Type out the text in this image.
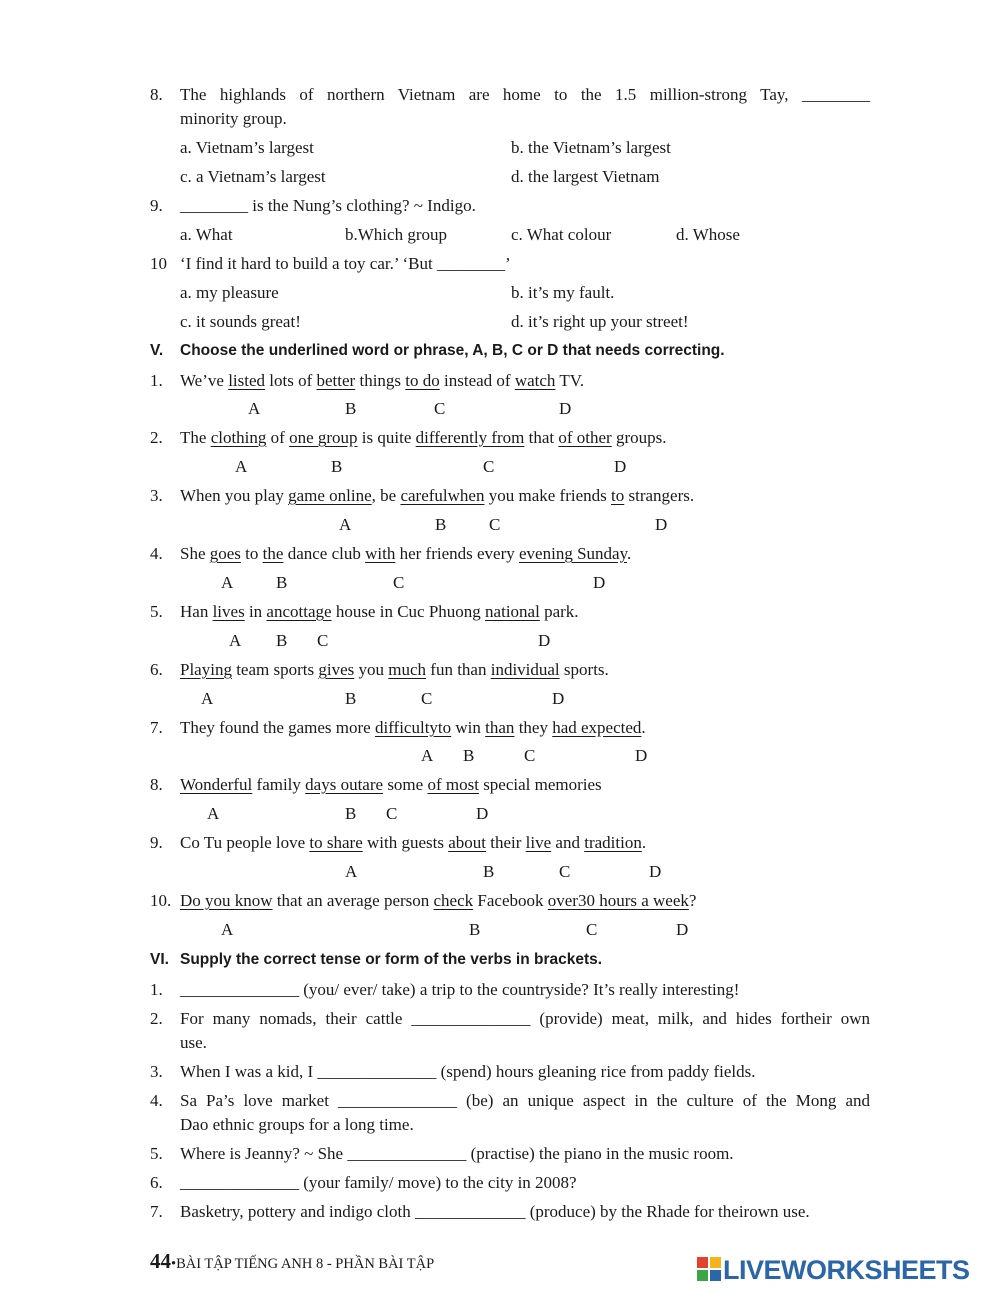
8. The highlands of northern Vietnam are home to the 1.5 million-strong Tay, ________
minority group.
a. Vietnam’s largest	b. the Vietnam’s largest
c. a Vietnam’s largest	d. the largest Vietnam
9. ________ is the Nung’s clothing? ~ Indigo.
a. What	b.Which group	c. What colour	d. Whose
10 ‘I find it hard to build a toy car.’ ‘But ________’
a. my pleasure	b. it’s my fault.
c. it sounds great!	d. it’s right up your street!
V. Choose the underlined word or phrase, A, B, C or D that needs correcting.
1. We’ve listed lots of better things to do instead of watch TV.
A	B	C	D
2. The clothing of one group is quite differently from that of other groups.
A	B	C	D
3. When you play game online, be carefulwhen you make friends to strangers.
A	B	C	D
4. She goes to the dance club with her friends every evening Sunday.
A	B	C	D
5. Han lives in ancottage house in Cuc Phuong national park.
A B C	D
6. Playing team sports gives you much fun than individual sports.
A	B	C	D
7. They found the games more difficultyto win than they had expected.
A B	C	D
8. Wonderful family days outare some of most special memories
A	B C	D
9. Co Tu people love to share with guests about their live and tradition.
A	B	C	D
10. Do you know that an average person check Facebook over30 hours a week?
A	B	C	D
VI. Supply the correct tense or form of the verbs in brackets.
1. ______________ (you/ ever/ take) a trip to the countryside? It’s really interesting!
2. For many nomads, their cattle ______________ (provide) meat, milk, and hides fortheir own
use.
3. When I was a kid, I ______________ (spend) hours gleaning rice from paddy fields.
4. Sa Pa’s love market ______________ (be) an unique aspect in the culture of the Mong and
Dao ethnic groups for a long time.
5. Where is Jeanny? ~ She ______________ (practise) the piano in the music room.
6. ______________ (your family/ move) to the city in 2008?
7. Basketry, pottery and indigo cloth _____________ (produce) by the Rhade for theirown use.
44•BÀI TẬP TIẾNG ANH 8 - PHẦN BÀI TẬP	LIVEWORKSHEETS
